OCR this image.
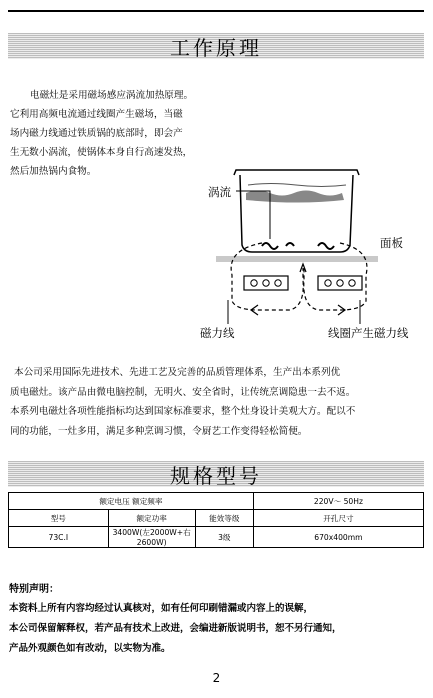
工作原理
电磁灶是采用磁场感应涡流加热原理。
它利用高频电流通过线圈产生磁场，当磁
场内磁力线通过铁质锅的底部时，即会产
生无数小涡流，使锅体本身自行高速发热，
然后加热锅内食物。
涡流
面板
磁力线	线圈产生磁力线
本公司采用国际先进技术、先进工艺及完善的品质管理体系，生产出本系列优
质电磁灶。该产品由微电脑控制，无明火、安全省时，让传统烹调隐患一去不返。
本系列电磁灶各项性能指标均达到国家标准要求，整个灶身设计美观大方。配以不
同的功能，一灶多用，满足多种烹调习惯，令厨艺工作变得轻松简便。
规格型号
额定电压 额定频率			220V～ 50Hz
型号	额定功率	能效等级	开孔尺寸
73C.Ⅰ	3400W(左2000W+右2600W)	3级	670x400mm

特别声明：

本资料上所有内容均经过认真核对，如有任何印刷错漏或内容上的误解，
本公司保留解释权，若产品有技术上改进，会编进新版说明书，恕不另行通知，
产品外观颜色如有改动，以实物为准。
2
